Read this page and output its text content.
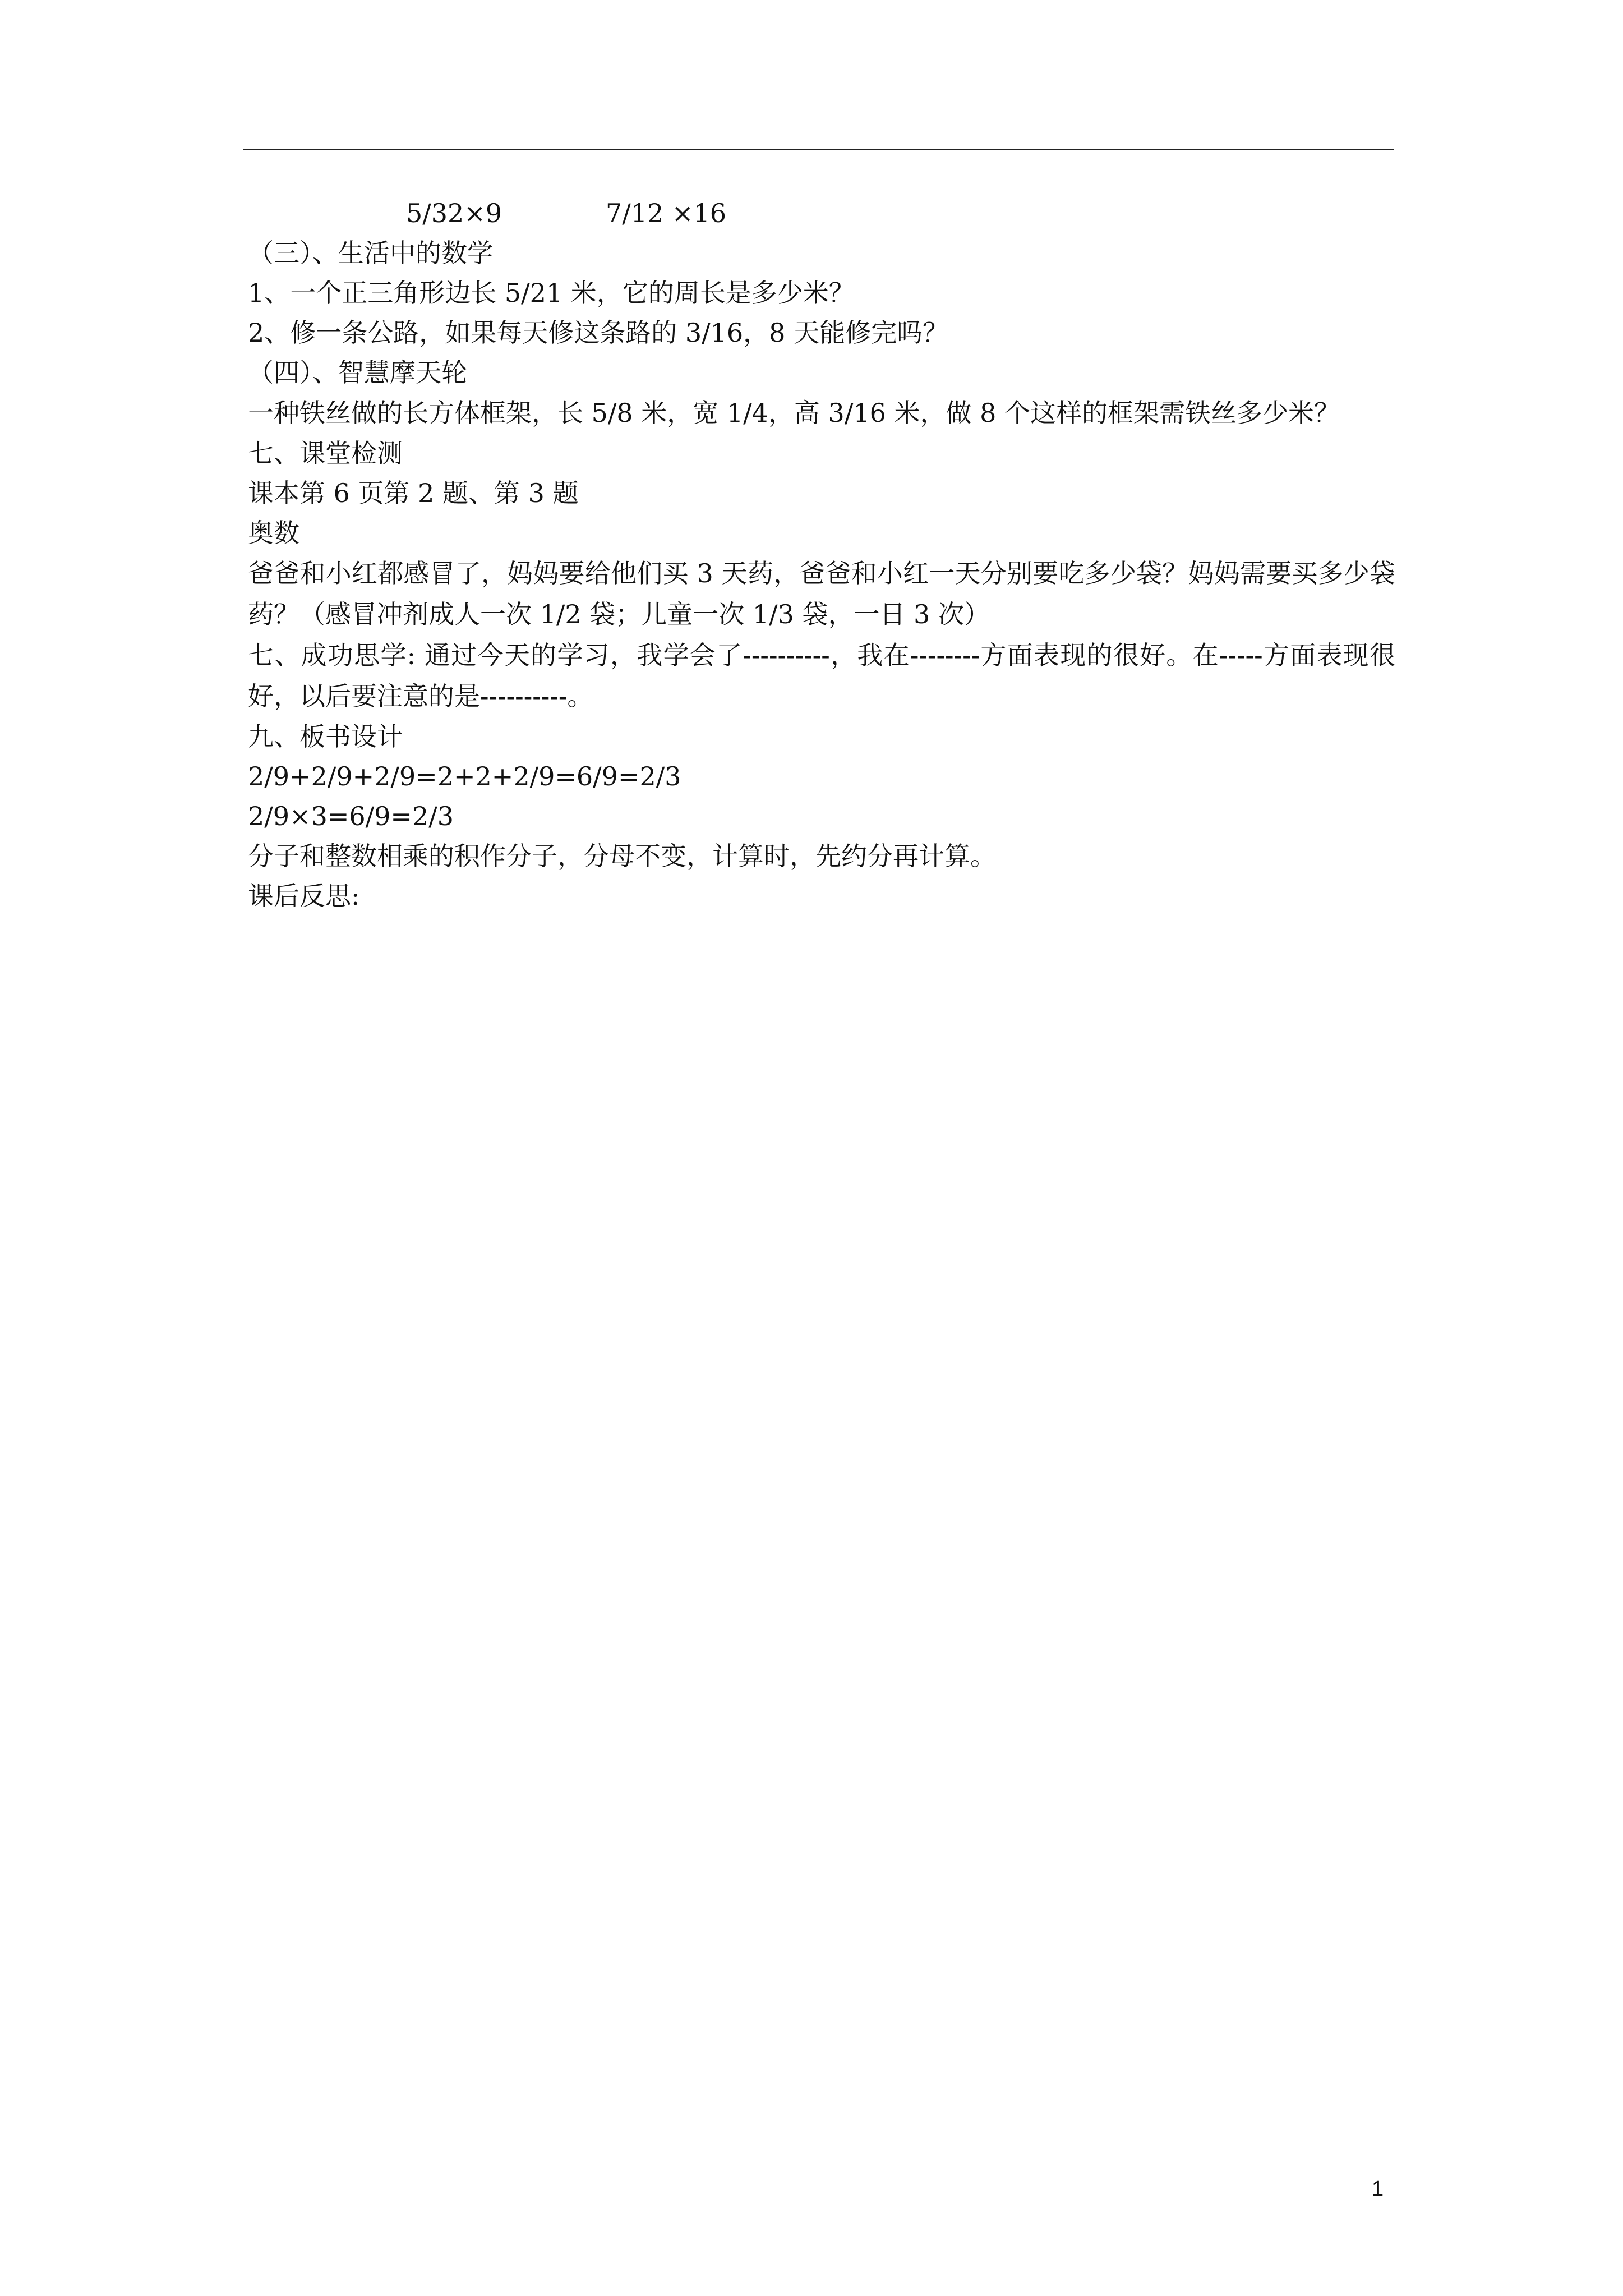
5/32×9	7/12 ×16
（三）、生活中的数学
1、一个正三角形边长 5/21 米，它的周长是多少米？
2、修一条公路，如果每天修这条路的 3/16，8 天能修完吗？
（四）、智慧摩天轮
一种铁丝做的长方体框架，长 5/8 米，宽 1/4，高 3/16 米，做 8 个这样的框架需铁丝多少米？
七、课堂检测
课本第 6 页第 2 题、第 3 题
奥数
爸爸和小红都感冒了，妈妈要给他们买 3 天药，爸爸和小红一天分别要吃多少袋？妈妈需要买多少袋药？（感冒冲剂成人一次 1/2 袋；儿童一次 1/3 袋，一日 3 次）
七、成功思学: 通过今天的学习，我学会了----------，我在--------方面表现的很好。在-----方面表现很好，以后要注意的是----------。
九、板书设计
2/9+2/9+2/9=2+2+2/9=6/9=2/3
2/9×3=6/9=2/3
分子和整数相乘的积作分子，分母不变，计算时，先约分再计算。
课后反思:
1
